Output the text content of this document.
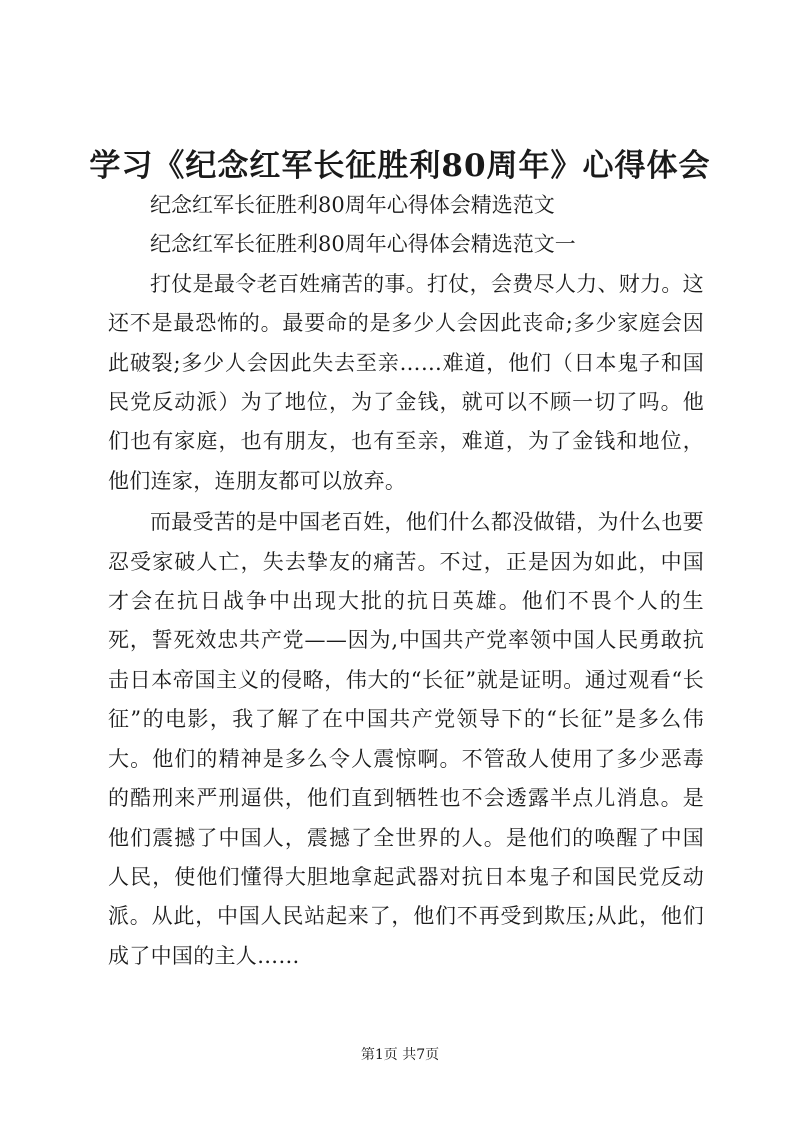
学习《纪念红军长征胜利80周年》心得体会

纪念红军长征胜利80周年心得体会精选范文

纪念红军长征胜利80周年心得体会精选范文一

打仗是最令老百姓痛苦的事。打仗，会费尽人力、财力。这还不是最恐怖的。最要命的是多少人会因此丧命;多少家庭会因此破裂;多少人会因此失去至亲……难道，他们（日本鬼子和国民党反动派）为了地位，为了金钱，就可以不顾一切了吗。他们也有家庭，也有朋友，也有至亲，难道，为了金钱和地位，他们连家，连朋友都可以放弃。

而最受苦的是中国老百姓，他们什么都没做错，为什么也要忍受家破人亡，失去挚友的痛苦。不过，正是因为如此，中国才会在抗日战争中出现大批的抗日英雄。他们不畏个人的生死，誓死效忠共产党——因为,中国共产党率领中国人民勇敢抗击日本帝国主义的侵略，伟大的“长征”就是证明。通过观看“长征”的电影，我了解了在中国共产党领导下的“长征”是多么伟大。他们的精神是多么令人震惊啊。不管敌人使用了多少恶毒的酷刑来严刑逼供，他们直到牺牲也不会透露半点儿消息。是他们震撼了中国人，震撼了全世界的人。是他们的唤醒了中国人民，使他们懂得大胆地拿起武器对抗日本鬼子和国民党反动派。从此，中国人民站起来了，他们不再受到欺压;从此，他们成了中国的主人……

第1页 共7页
